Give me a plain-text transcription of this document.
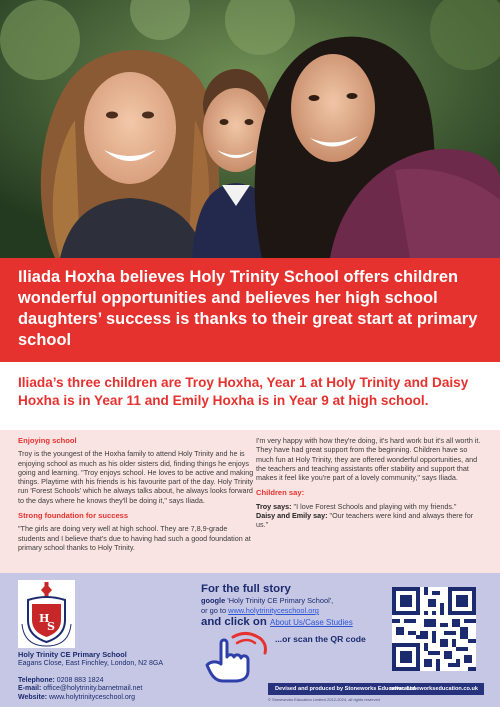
Iliada Hoxha believes Holy Trinity School offers children wonderful opportunities and believes her high school daughters’ success is thanks to their great start at primary school

Iliada’s three children are Troy Hoxha, Year 1 at Holy Trinity and Daisy Hoxha is in Year 11 and Emily Hoxha is in Year 9 at high school.

Enjoying school

Troy is the youngest of the Hoxha family to attend Holy Trinity and he is enjoying school as much as his older sisters did, finding things he enjoys going and learning. "Troy enjoys school. He loves to be active and making things. Playtime with his friends is his favourite part of the day. Holy Trinity run 'Forest Schools' which he always talks about, he always looks forward to the days where he knows they'll be doing it," says Iliada.

Strong foundation for success

"The girls are doing very well at high school. They are 7,8,9-grade students and I believe that's due to having had such a good foundation at primary school thanks to Holy Trinity.

I'm very happy with how they're doing, it's hard work but it's all worth it. They have had great support from the beginning. Children have so much fun at Holy Trinity, they are offered wonderful opportunities, and the teachers and teaching assistants offer stability and support that makes it feel like you're part of a lovely community," says Iliada.

Children say:

Troy says: "I love Forest Schools and playing with my friends."

Daisy and Emily say: "Our teachers were kind and always there for us."

H
S
Holy Trinity CE Primary School
Eagans Close, East Finchley, London, N2 8GA
Telephone: 0208 883 1824
E-mail: office@holytrinity.barnetmail.net
Website: www.holytrinityceschool.org
For the full story
google 'Holy Trinity CE Primary School',
or go to www.holytrinityceschool.org
and click on About Us/Case Studies
...or scan the QR code
Devised and produced by Stoneworks Education Ltd
www.stoneworkseducation.co.uk
© Stoneworks Education Limited 2012-2024, all rights reserved
